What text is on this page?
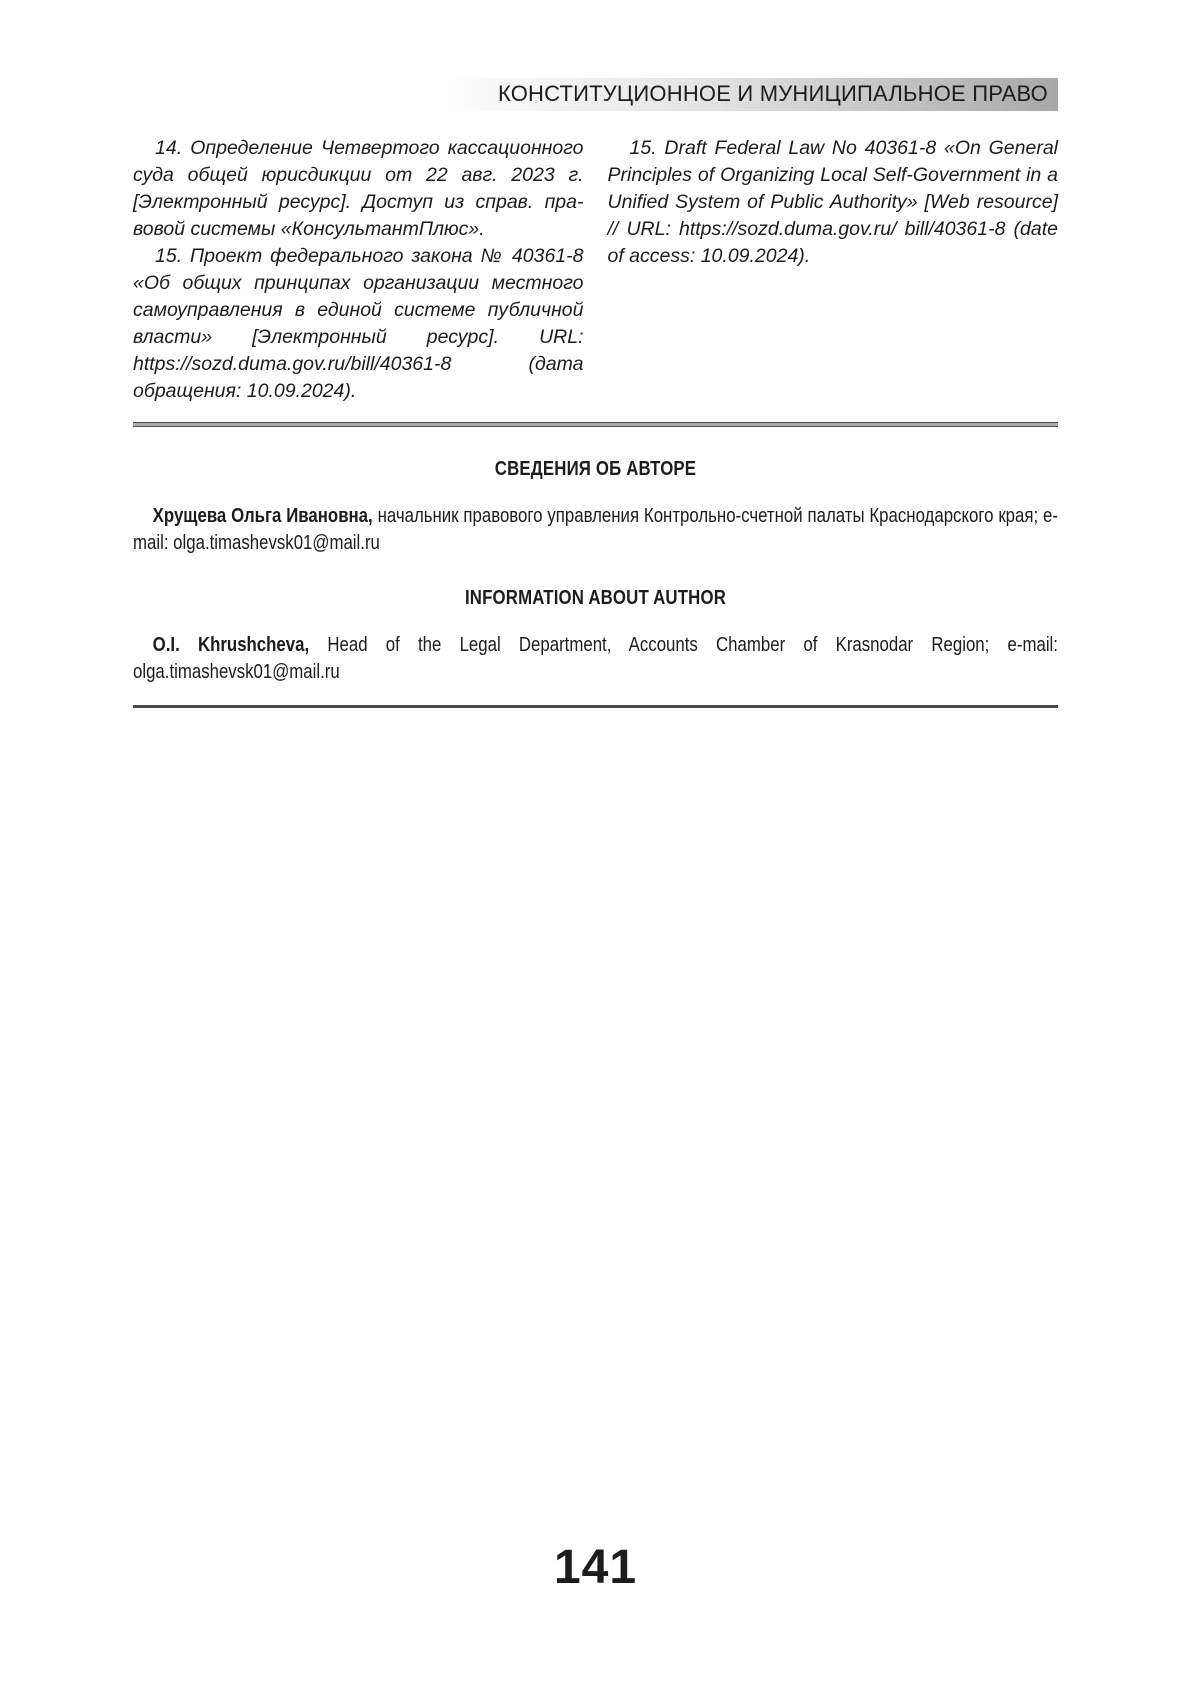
КОНСТИТУЦИОННОЕ И МУНИЦИПАЛЬНОЕ ПРАВО

14. Определение Четвертого кассационного суда общей юрисдикции от 22 авг. 2023 г. [Электронный ресурс]. Доступ из справ. правовой системы «КонсультантПлюс».

15. Проект федерального закона № 40361-8 «Об общих принципах организации местного самоуправления в единой системе публичной власти» [Электронный ресурс]. URL: https://sozd.duma.gov.ru/bill/40361-8 (дата обращения: 10.09.2024).

15. Draft Federal Law No 40361-8 «On General Principles of Organizing Local Self-Government in a Unified System of Public Authority» [Web resource] // URL: https://sozd.duma.gov.ru/ bill/40361-8 (date of access: 10.09.2024).

СВЕДЕНИЯ ОБ АВТОРЕ

Хрущева Ольга Ивановна, начальник правового управления Контрольно-счетной палаты Краснодарского края; e-mail: olga.timashevsk01@mail.ru

INFORMATION ABOUT AUTHOR

O.I. Khrushcheva, Head of the Legal Department, Accounts Chamber of Krasnodar Region; e-mail: olga.timashevsk01@mail.ru

141
